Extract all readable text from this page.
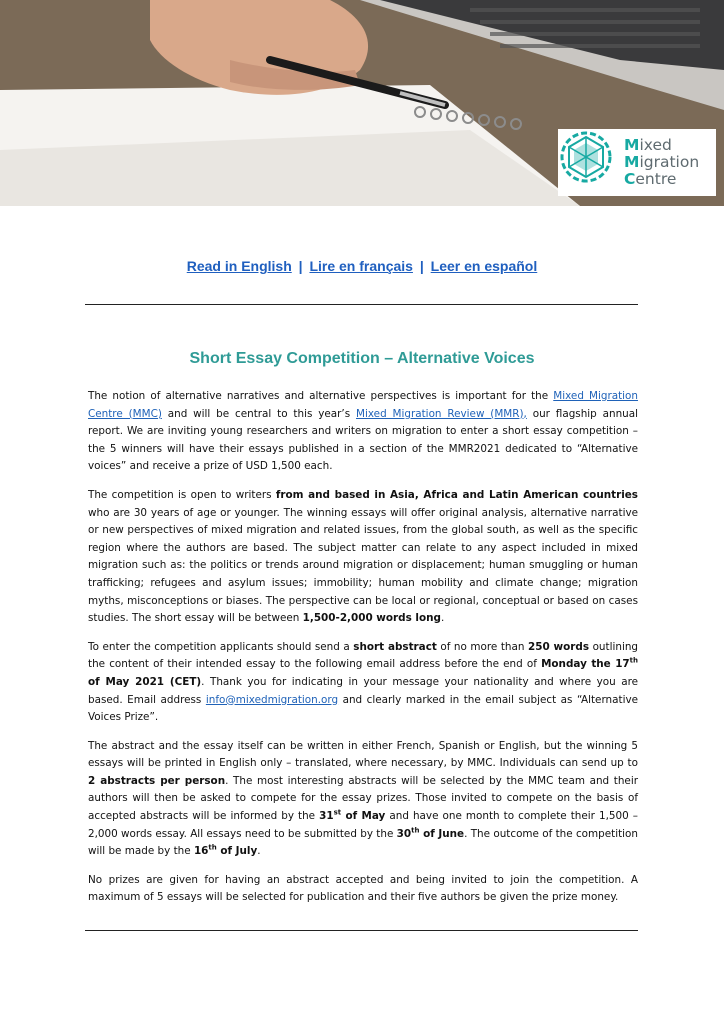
Mixed
Migration
Centre
Read in English | Lire en français | Leer en español
Short Essay Competition – Alternative Voices

The notion of alternative narratives and alternative perspectives is important for the Mixed Migration Centre (MMC) and will be central to this year’s Mixed Migration Review (MMR), our flagship annual report. We are inviting young researchers and writers on migration to enter a short essay competition – the 5 winners will have their essays published in a section of the MMR2021 dedicated to “Alternative voices” and receive a prize of USD 1,500 each.

The competition is open to writers from and based in Asia, Africa and Latin American countries who are 30 years of age or younger. The winning essays will offer original analysis, alternative narrative or new perspectives of mixed migration and related issues, from the global south, as well as the specific region where the authors are based. The subject matter can relate to any aspect included in mixed migration such as: the politics or trends around migration or displacement; human smuggling or human trafficking; refugees and asylum issues; immobility; human mobility and climate change; migration myths, misconceptions or biases. The perspective can be local or regional, conceptual or based on cases studies. The short essay will be between 1,500-2,000 words long.

To enter the competition applicants should send a short abstract of no more than 250 words outlining the content of their intended essay to the following email address before the end of Monday the 17th of May 2021 (CET). Thank you for indicating in your message your nationality and where you are based. Email address info@mixedmigration.org and clearly marked in the email subject as “Alternative Voices Prize”.

The abstract and the essay itself can be written in either French, Spanish or English, but the winning 5 essays will be printed in English only – translated, where necessary, by MMC. Individuals can send up to 2 abstracts per person. The most interesting abstracts will be selected by the MMC team and their authors will then be asked to compete for the essay prizes. Those invited to compete on the basis of accepted abstracts will be informed by the 31st of May and have one month to complete their 1,500 – 2,000 words essay. All essays need to be submitted by the 30th of June. The outcome of the competition will be made by the 16th of July.

No prizes are given for having an abstract accepted and being invited to join the competition. A maximum of 5 essays will be selected for publication and their five authors be given the prize money.
